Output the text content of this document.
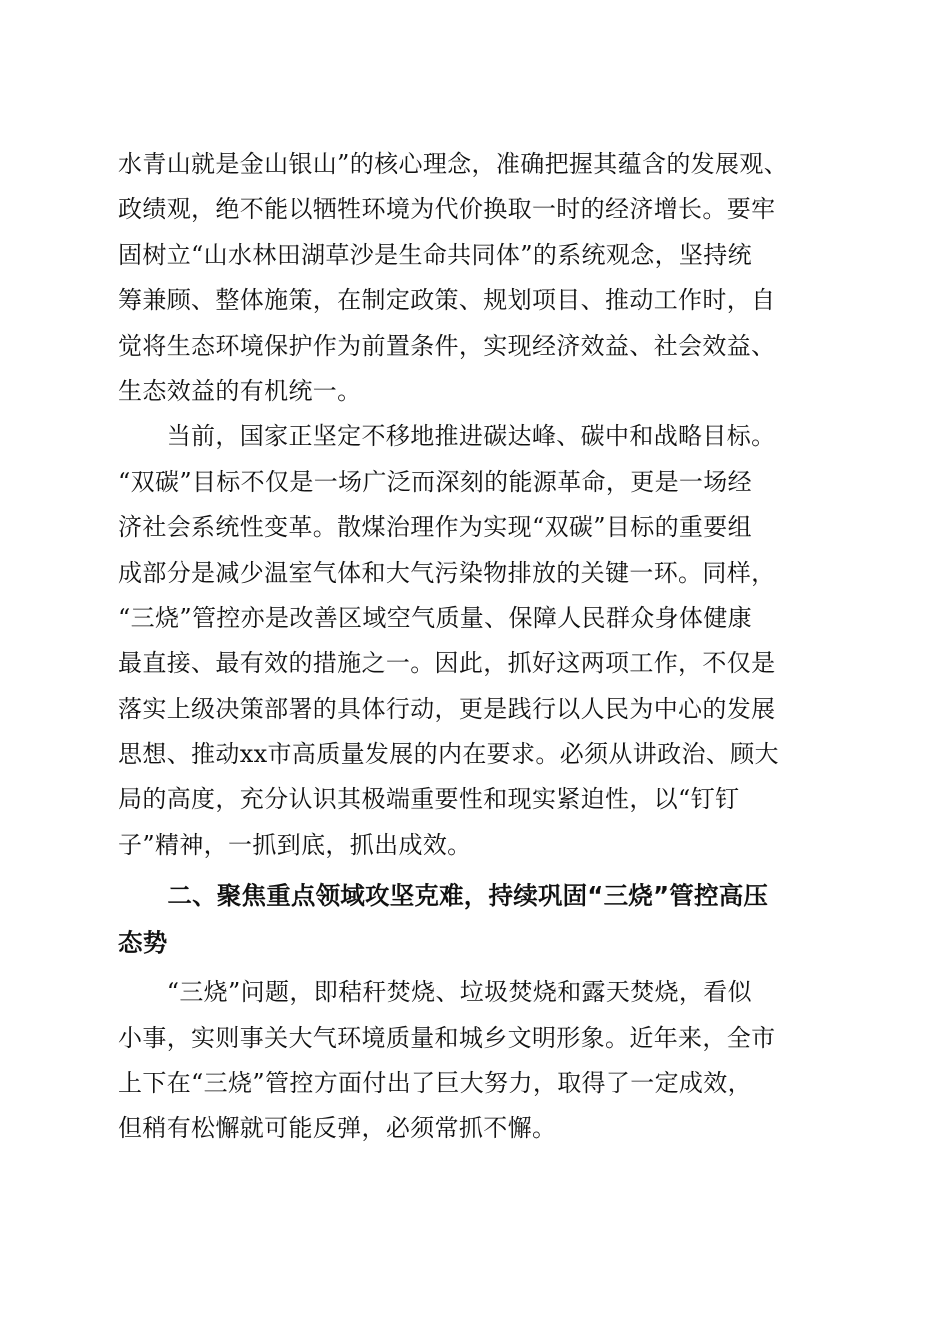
水青山就是金山银山”的核心理念，准确把握其蕴含的发展观、
政绩观，绝不能以牺牲环境为代价换取一时的经济增长。要牢
固树立“山水林田湖草沙是生命共同体”的系统观念，坚持统
筹兼顾、整体施策，在制定政策、规划项目、推动工作时，自
觉将生态环境保护作为前置条件，实现经济效益、社会效益、
生态效益的有机统一。
　　当前，国家正坚定不移地推进碳达峰、碳中和战略目标。
“双碳”目标不仅是一场广泛而深刻的能源革命，更是一场经
济社会系统性变革。散煤治理作为实现“双碳”目标的重要组
成部分是减少温室气体和大气污染物排放的关键一环。同样，
“三烧”管控亦是改善区域空气质量、保障人民群众身体健康
最直接、最有效的措施之一。因此，抓好这两项工作，不仅是
落实上级决策部署的具体行动，更是践行以人民为中心的发展
思想、推动xx市高质量发展的内在要求。必须从讲政治、顾大
局的高度，充分认识其极端重要性和现实紧迫性，以“钉钉
子”精神，一抓到底，抓出成效。
　　二、聚焦重点领域攻坚克难，持续巩固“三烧”管控高压
态势
　　“三烧”问题，即秸秆焚烧、垃圾焚烧和露天焚烧，看似
小事，实则事关大气环境质量和城乡文明形象。近年来，全市
上下在“三烧”管控方面付出了巨大努力，取得了一定成效，
但稍有松懈就可能反弹，必须常抓不懈。
